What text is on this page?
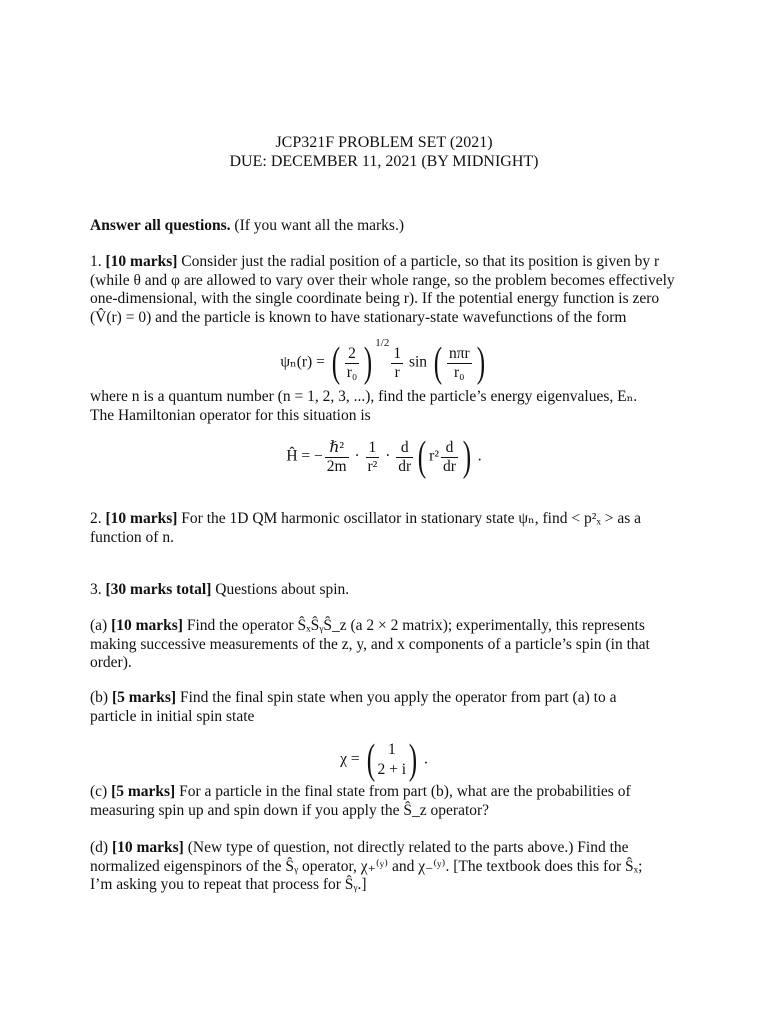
JCP321F PROBLEM SET (2021)
DUE: DECEMBER 11, 2021 (BY MIDNIGHT)
Answer all questions. (If you want all the marks.)
1. [10 marks] Consider just the radial position of a particle, so that its position is given by r
(while θ and φ are allowed to vary over their whole range, so the problem becomes effectively
one-dimensional, with the single coordinate being r). If the potential energy function is zero
(V̂(r) = 0) and the particle is known to have stationary-state wavefunctions of the form
ψₙ(r) = ( $\frac{2}{\text{r₀}}$ ) $^{1/2}$
$\frac{1}{r}$ sin ( $\frac{\text{nπr}}{\text{r₀}}$ )
where n is a quantum number (n = 1, 2, 3, ...), find the particle’s energy eigenvalues, Eₙ.
The Hamiltonian operator for this situation is
Ĥ = − $\frac{\text{ℏ²}}{2m} \cdot \frac{1}{\text{r²}} \cdot \frac{d}{dr}$ ( $r^2 \frac{d}{dr}$ ) .
2. [10 marks] For the 1D QM harmonic oscillator in stationary state ψₙ, find < p²ₓ > as a
function of n.
3. [30 marks total] Questions about spin.
(a) [10 marks] Find the operator ŜₓŜᵧŜ_z (a 2 × 2 matrix); experimentally, this represents
making successive measurements of the z, y, and x components of a particle’s spin (in that
order).
(b) [5 marks] Find the final spin state when you apply the operator from part (a) to a
particle in initial spin state
χ = ( 1
2 + i ) .
(c) [5 marks] For a particle in the final state from part (b), what are the probabilities of
measuring spin up and spin down if you apply the Ŝ_z operator?
(d) [10 marks] (New type of question, not directly related to the parts above.) Find the
normalized eigenspinors of the Ŝᵧ operator, χ₊⁽ʸ⁾ and χ₋⁽ʸ⁾. [The textbook does this for Ŝₓ;
I’m asking you to repeat that process for Ŝᵧ.]
